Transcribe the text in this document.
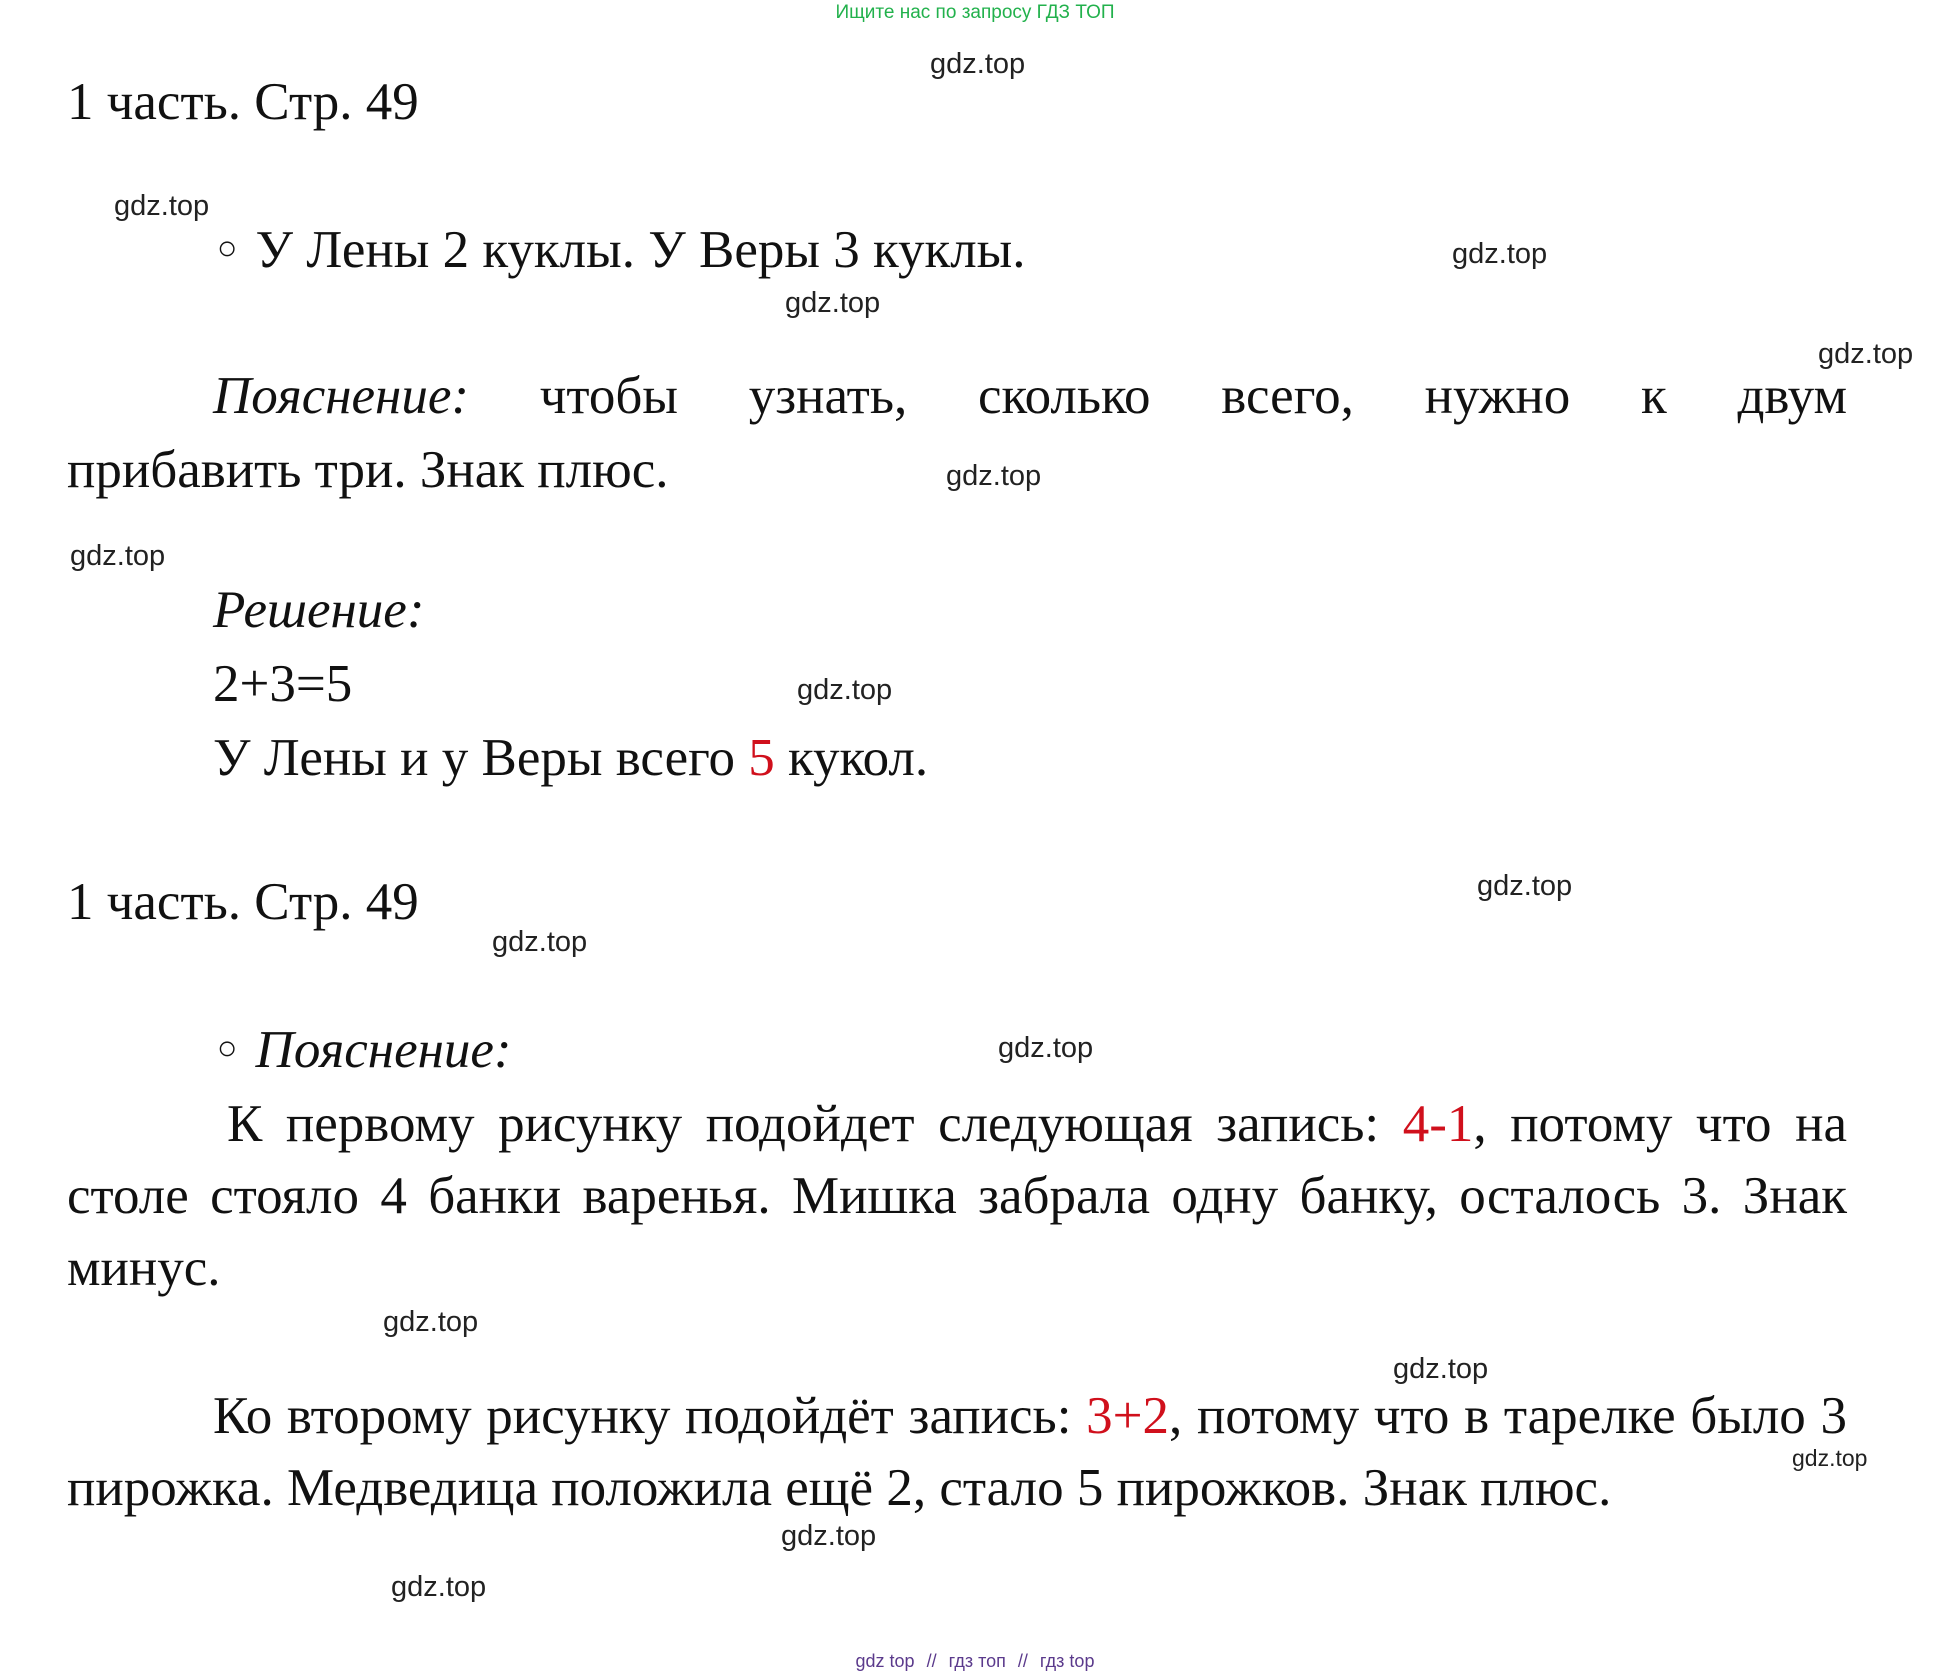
Ищите нас по запросу ГДЗ ТОП
gdz.top
gdz.top
gdz.top
gdz.top
gdz.top
gdz.top
gdz.top
gdz.top
gdz.top
gdz.top
gdz.top
gdz.top
gdz.top
gdz.top
gdz.top
gdz.top
1 часть. Стр. 49
○ У Лены 2 куклы. У Веры 3 куклы.
Пояснение: чтобы узнать, сколько всего, нужно к двум
прибавить три. Знак плюс.
Решение:
2+3=5
У Лены и у Веры всего 5 кукол.
1 часть. Стр. 49
○ Пояснение:
К первому рисунку подойдет следующая запись: 4-1, потому что на столе стояло 4 банки варенья. Мишка забрала одну банку, осталось 3. Знак минус.
Ко второму рисунку подойдёт запись: 3+2, потому что в тарелке было 3 пирожка. Медведица положила ещё 2, стало 5 пирожков. Знак плюс.
gdz top // гдз топ // гдз top
